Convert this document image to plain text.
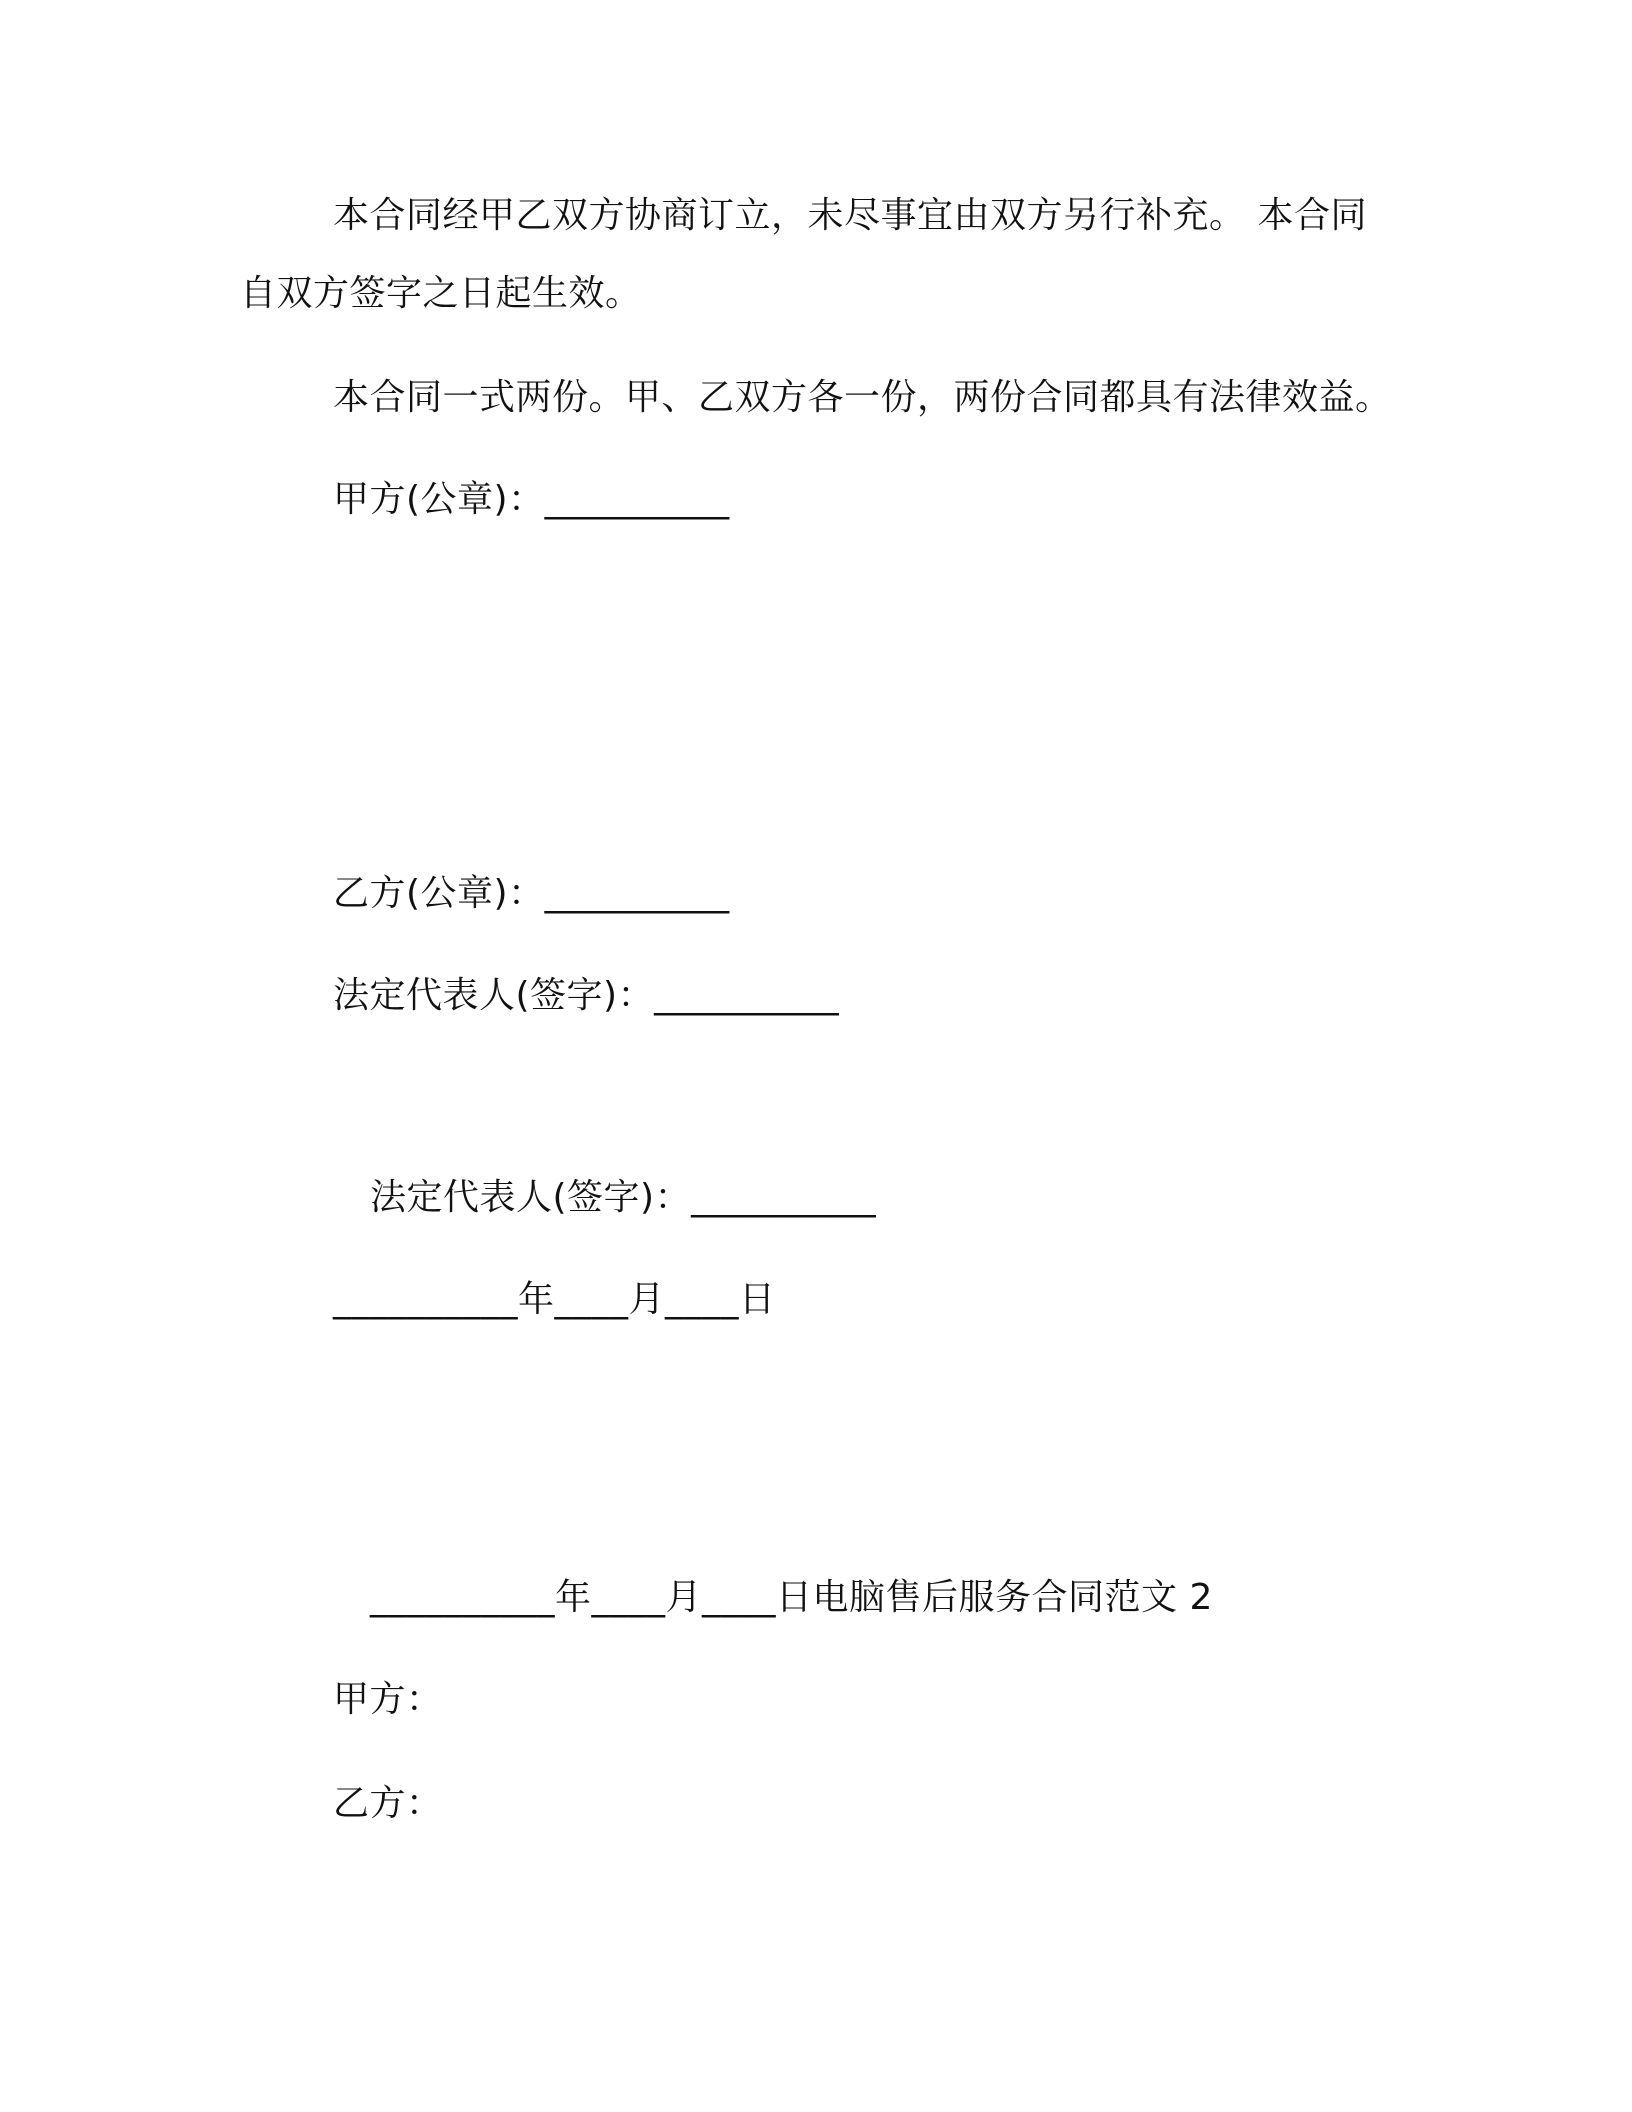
本合同经甲乙双方协商订立，未尽事宜由双方另行补充。 本合同
自双方签字之日起生效。
本合同一式两份。甲、乙双方各一份，两份合同都具有法律效益。
甲方(公章)：__________
乙方(公章)：__________
法定代表人(签字)：__________
法定代表人(签字)：__________
__________年____月____日
__________年____月____日电脑售后服务合同范文 2
甲方：
乙方：
